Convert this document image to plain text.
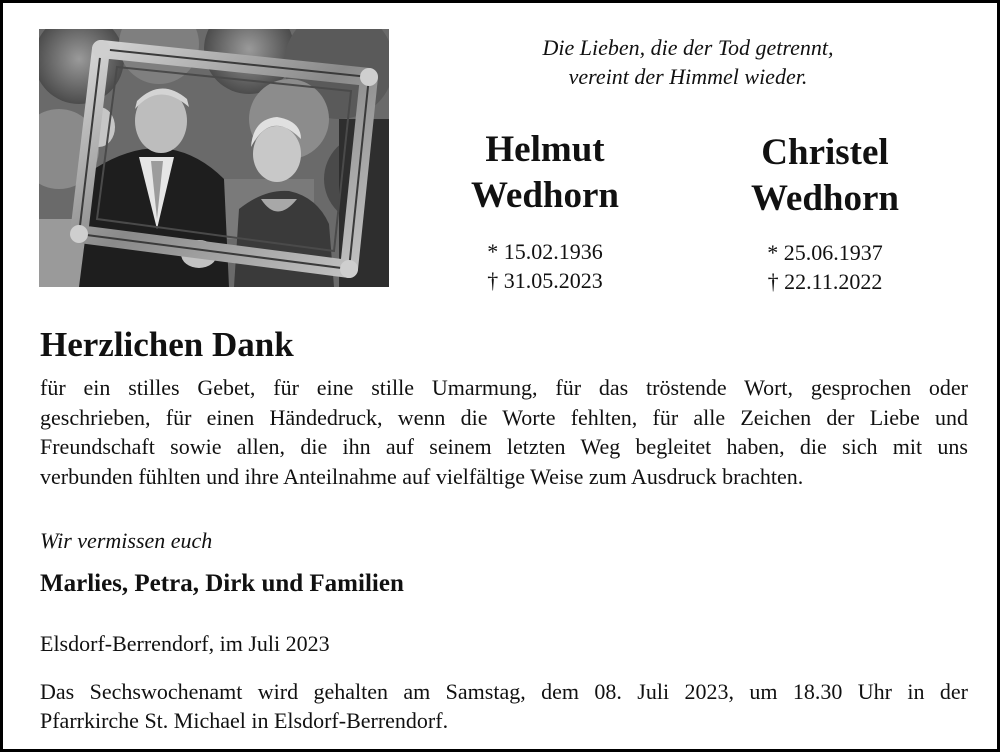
Die Lieben, die der Tod getrennt,
vereint der Himmel wieder.
Helmut
Wedhorn
* 15.02.1936
† 31.05.2023
Christel
Wedhorn
* 25.06.1937
† 22.11.2022
Herzlichen Dank
für ein stilles Gebet, für eine stille Umarmung, für das tröstende Wort, gesprochen oder
geschrieben, für einen Händedruck, wenn die Worte fehlten, für alle Zeichen der Liebe und
Freundschaft sowie allen, die ihn auf seinem letzten Weg begleitet haben, die sich mit uns
verbunden fühlten und ihre Anteilnahme auf vielfältige Weise zum Ausdruck brachten.
Wir vermissen euch
Marlies, Petra, Dirk und Familien
Elsdorf-Berrendorf, im Juli 2023
Das Sechswochenamt wird gehalten am Samstag, dem 08. Juli 2023, um 18.30 Uhr in der
Pfarrkirche St. Michael in Elsdorf-Berrendorf.
